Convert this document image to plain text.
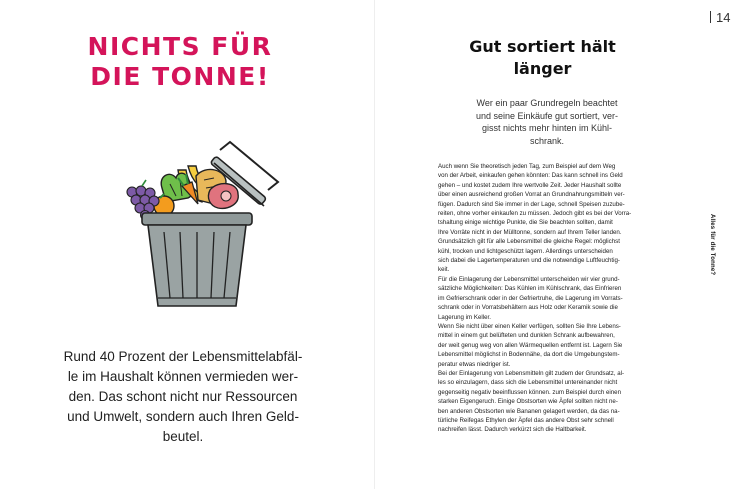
NICHTS FÜR
DIE TONNE!

Rund 40 Prozent der Lebensmittelabfäl-
le im Haushalt können vermieden wer-
den. Das schont nicht nur Ressourcen
und Umwelt, sondern auch Ihren Geld-
beutel.

14
Alles für die Tonne?
Gut sortiert hält
länger

Wer ein paar Grundregeln beachtet
und seine Einkäufe gut sortiert, ver-
gisst nichts mehr hinten im Kühl-
schrank.

Auch wenn Sie theoretisch jeden Tag, zum Beispiel auf dem Weg

von der Arbeit, einkaufen gehen könnten: Das kann schnell ins Geld

gehen – und kostet zudem Ihre wertvolle Zeit. Jeder Haushalt sollte

über einen ausreichend großen Vorrat an Grundnahrungsmitteln ver-

fügen. Dadurch sind Sie immer in der Lage, schnell Speisen zuzube-

reiten, ohne vorher einkaufen zu müssen. Jedoch gibt es bei der Vorra-

tshaltung einige wichtige Punkte, die Sie beachten sollten, damit

Ihre Vorräte nicht in der Mülltonne, sondern auf Ihrem Teller landen.

Grundsätzlich gilt für alle Lebensmittel die gleiche Regel: möglichst

kühl, trocken und lichtgeschützt lagern. Allerdings unterscheiden

sich dabei die Lagertemperaturen und die notwendige Luftfeuchtig-

keit.

Für die Einlagerung der Lebensmittel unterscheiden wir vier grund-

sätzliche Möglichkeiten: Das Kühlen im Kühlschrank, das Einfrieren

im Gefrierschrank oder in der Gefriertruhe, die Lagerung im Vorrats-

schrank oder in Vorratsbehältern aus Holz oder Keramik sowie die

Lagerung im Keller.

Wenn Sie nicht über einen Keller verfügen, sollten Sie Ihre Lebens-

mittel in einem gut belüfteten und dunklen Schrank aufbewahren,

der weit genug weg von allen Wärmequellen entfernt ist. Lagern Sie

Lebensmittel möglichst in Bodennähe, da dort die Umgebungstem-

peratur etwas niedriger ist.

Bei der Einlagerung von Lebensmitteln gilt zudem der Grundsatz, al-

les so einzulagern, dass sich die Lebensmittel untereinander nicht

gegenseitig negativ beeinflussen können. zum Beispiel durch einen

starken Eigengeruch. Einige Obstsorten wie Äpfel sollten nicht ne-

ben anderen Obstsorten wie Bananen gelagert werden, da das na-

türliche Reifegas Ethylen der Äpfel das andere Obst sehr schnell

nachreifen lässt. Dadurch verkürzt sich die Haltbarkeit.
